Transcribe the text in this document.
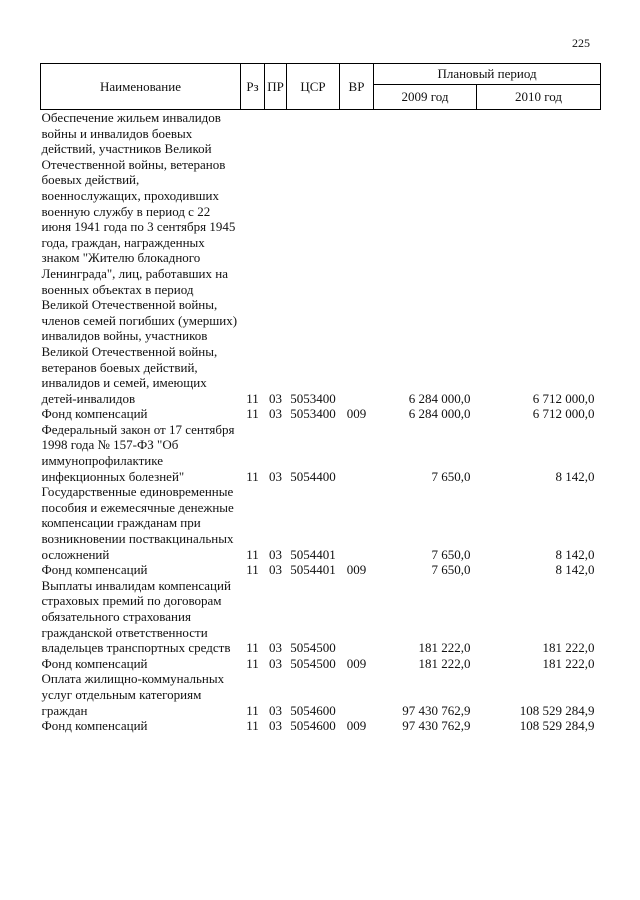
225
Наименование	Рз	ПР	ЦСР	ВР	Плановый период	
					2009 год	2010 год
Обеспечение жильем инвалидов войны и инвалидов боевых действий, участников Великой Отечественной войны, ветеранов боевых действий, военнослужащих, проходивших военную службу в период с 22 июня 1941 года по 3 сентября 1945 года, граждан, награжденных знаком "Жителю блокадного Ленинграда", лиц, работавших на военных объектах в период Великой Отечественной войны, членов семей погибших (умерших) инвалидов войны, участников Великой Отечественной войны, ветеранов боевых действий, инвалидов и семей, имеющих детей-инвалидов	11	03	5053400		6 284 000,0	6 712 000,0
Фонд компенсаций	11	03	5053400	009	6 284 000,0	6 712 000,0
Федеральный закон от 17 сентября 1998 года № 157-ФЗ "Об иммунопрофилактике инфекционных болезней"	11	03	5054400		7 650,0	8 142,0
Государственные единовременные пособия и ежемесячные денежные компенсации гражданам при возникновении поствакцинальных осложнений	11	03	5054401		7 650,0	8 142,0
Фонд компенсаций	11	03	5054401	009	7 650,0	8 142,0
Выплаты инвалидам компенсаций страховых премий по договорам обязательного страхования гражданской ответственности владельцев транспортных средств	11	03	5054500		181 222,0	181 222,0
Фонд компенсаций	11	03	5054500	009	181 222,0	181 222,0
Оплата жилищно-коммунальных услуг отдельным категориям граждан	11	03	5054600		97 430 762,9	108 529 284,9
Фонд компенсаций	11	03	5054600	009	97 430 762,9	108 529 284,9
